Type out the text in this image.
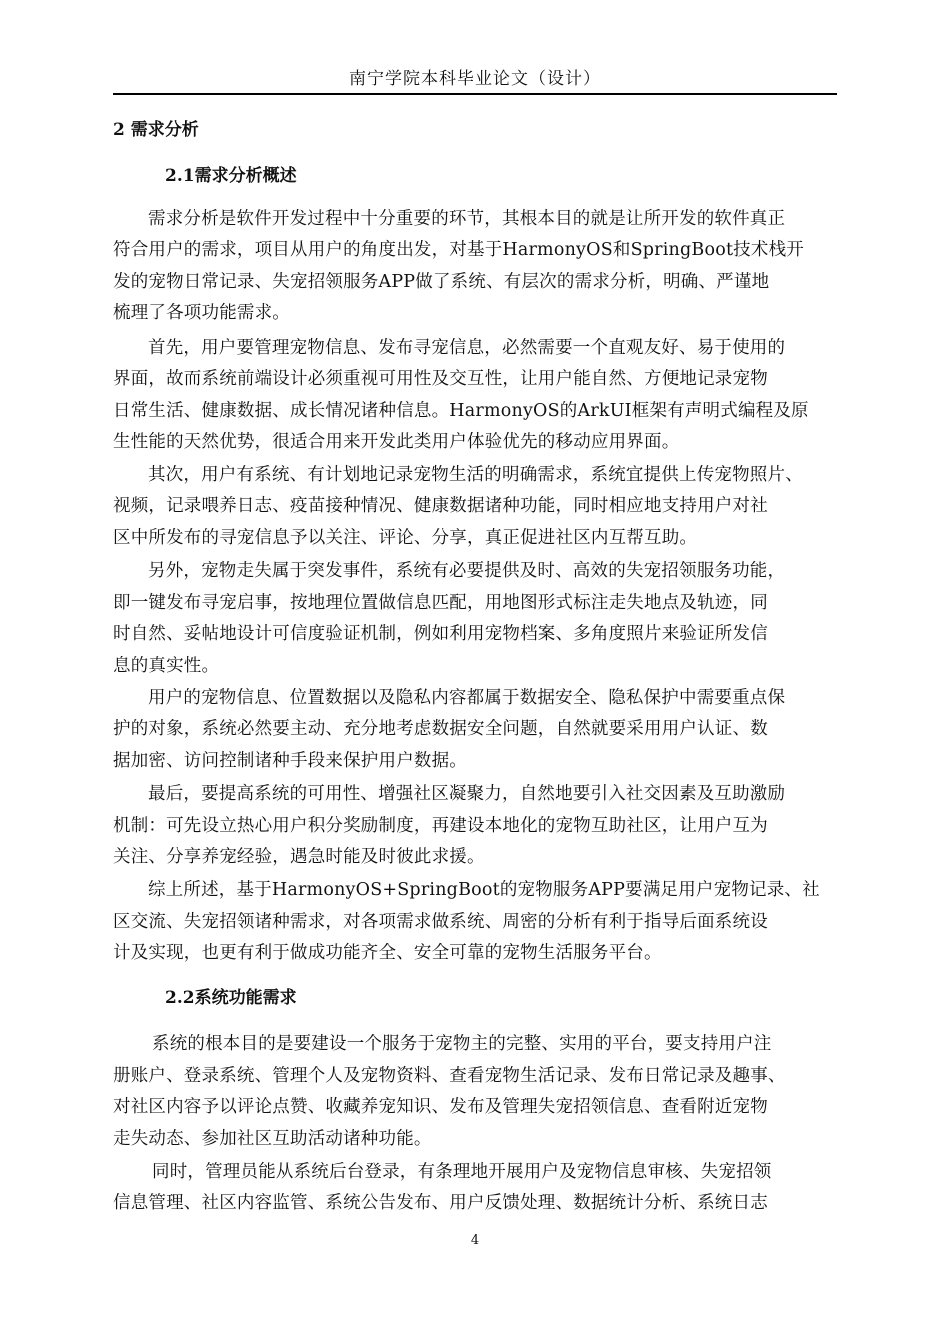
南宁学院本科毕业论文（设计）
2 需求分析
2.1需求分析概述
需求分析是软件开发过程中十分重要的环节，其根本目的就是让所开发的软件真正
符合用户的需求，项目从用户的角度出发，对基于HarmonyOS和SpringBoot技术栈开
发的宠物日常记录、失宠招领服务APP做了系统、有层次的需求分析，明确、严谨地
梳理了各项功能需求。
首先，用户要管理宠物信息、发布寻宠信息，必然需要一个直观友好、易于使用的
界面，故而系统前端设计必须重视可用性及交互性，让用户能自然、方便地记录宠物
日常生活、健康数据、成长情况诸种信息。HarmonyOS的ArkUI框架有声明式编程及原
生性能的天然优势，很适合用来开发此类用户体验优先的移动应用界面。
其次，用户有系统、有计划地记录宠物生活的明确需求，系统宜提供上传宠物照片、
视频，记录喂养日志、疫苗接种情况、健康数据诸种功能，同时相应地支持用户对社
区中所发布的寻宠信息予以关注、评论、分享，真正促进社区内互帮互助。
另外，宠物走失属于突发事件，系统有必要提供及时、高效的失宠招领服务功能，
即一键发布寻宠启事，按地理位置做信息匹配，用地图形式标注走失地点及轨迹，同
时自然、妥帖地设计可信度验证机制，例如利用宠物档案、多角度照片来验证所发信
息的真实性。
用户的宠物信息、位置数据以及隐私内容都属于数据安全、隐私保护中需要重点保
护的对象，系统必然要主动、充分地考虑数据安全问题，自然就要采用用户认证、数
据加密、访问控制诸种手段来保护用户数据。
最后，要提高系统的可用性、增强社区凝聚力，自然地要引入社交因素及互助激励
机制：可先设立热心用户积分奖励制度，再建设本地化的宠物互助社区，让用户互为
关注、分享养宠经验，遇急时能及时彼此求援。
综上所述，基于HarmonyOS+SpringBoot的宠物服务APP要满足用户宠物记录、社
区交流、失宠招领诸种需求，对各项需求做系统、周密的分析有利于指导后面系统设
计及实现，也更有利于做成功能齐全、安全可靠的宠物生活服务平台。
2.2系统功能需求
系统的根本目的是要建设一个服务于宠物主的完整、实用的平台，要支持用户注
册账户、登录系统、管理个人及宠物资料、查看宠物生活记录、发布日常记录及趣事、
对社区内容予以评论点赞、收藏养宠知识、发布及管理失宠招领信息、查看附近宠物
走失动态、参加社区互助活动诸种功能。
同时，管理员能从系统后台登录，有条理地开展用户及宠物信息审核、失宠招领
信息管理、社区内容监管、系统公告发布、用户反馈处理、数据统计分析、系统日志
4
